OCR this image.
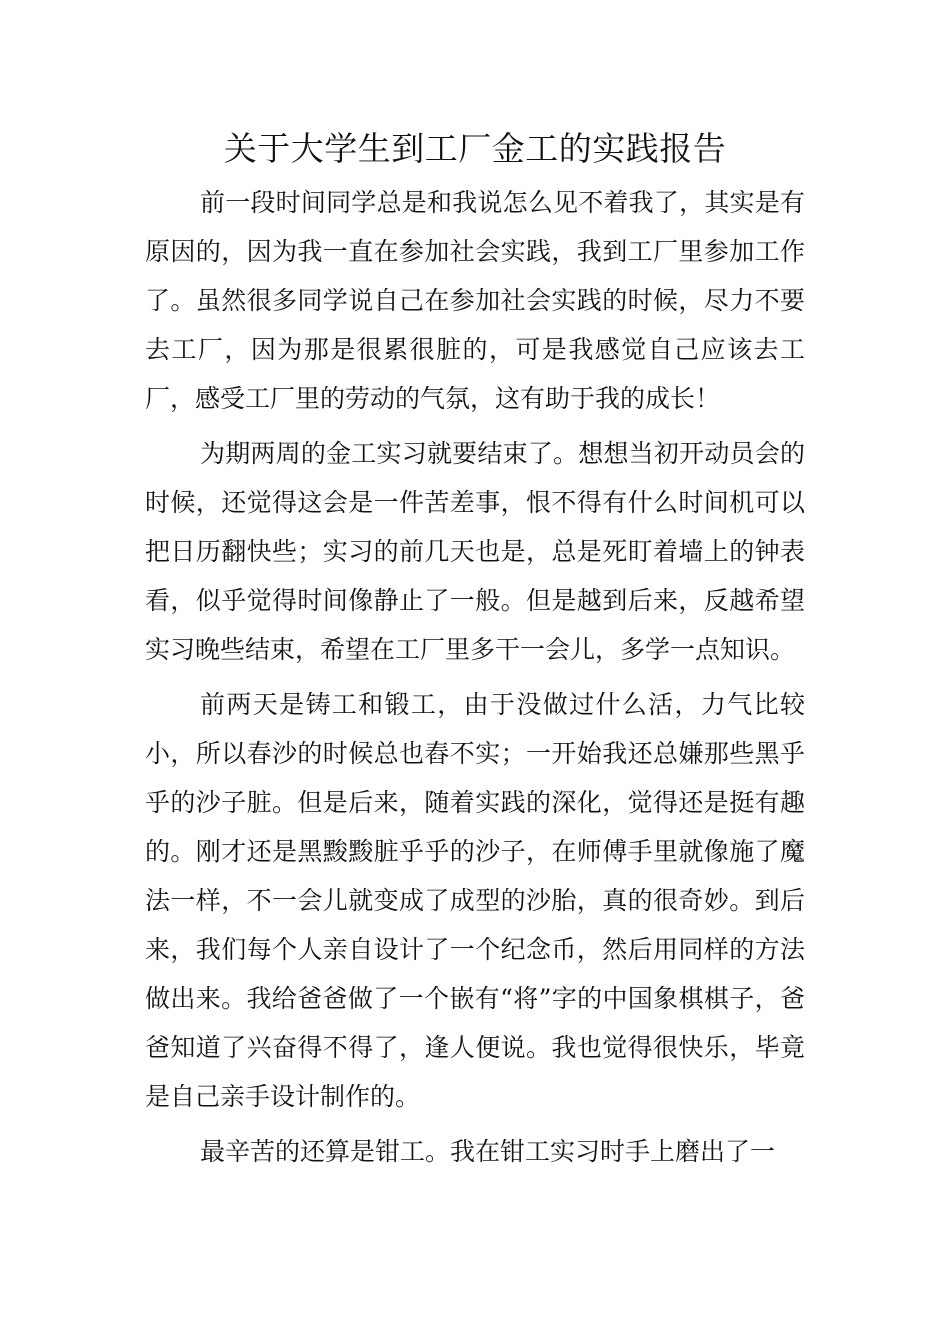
关于大学生到工厂金工的实践报告

前一段时间同学总是和我说怎么见不着我了，其实是有原因的，因为我一直在参加社会实践，我到工厂里参加工作了。虽然很多同学说自己在参加社会实践的时候，尽力不要去工厂，因为那是很累很脏的，可是我感觉自己应该去工厂，感受工厂里的劳动的气氛，这有助于我的成长！

为期两周的金工实习就要结束了。想想当初开动员会的时候，还觉得这会是一件苦差事，恨不得有什么时间机可以把日历翻快些；实习的前几天也是，总是死盯着墙上的钟表看，似乎觉得时间像静止了一般。但是越到后来，反越希望实习晚些结束，希望在工厂里多干一会儿，多学一点知识。

前两天是铸工和锻工，由于没做过什么活，力气比较小，所以春沙的时候总也舂不实；一开始我还总嫌那些黑乎乎的沙子脏。但是后来，随着实践的深化，觉得还是挺有趣的。刚才还是黑黢黢脏乎乎的沙子，在师傅手里就像施了魔法一样，不一会儿就变成了成型的沙胎，真的很奇妙。到后来，我们每个人亲自设计了一个纪念币，然后用同样的方法做出来。我给爸爸做了一个嵌有“将”字的中国象棋棋子，爸爸知道了兴奋得不得了，逢人便说。我也觉得很快乐，毕竟是自己亲手设计制作的。

最辛苦的还算是钳工。我在钳工实习时手上磨出了一
